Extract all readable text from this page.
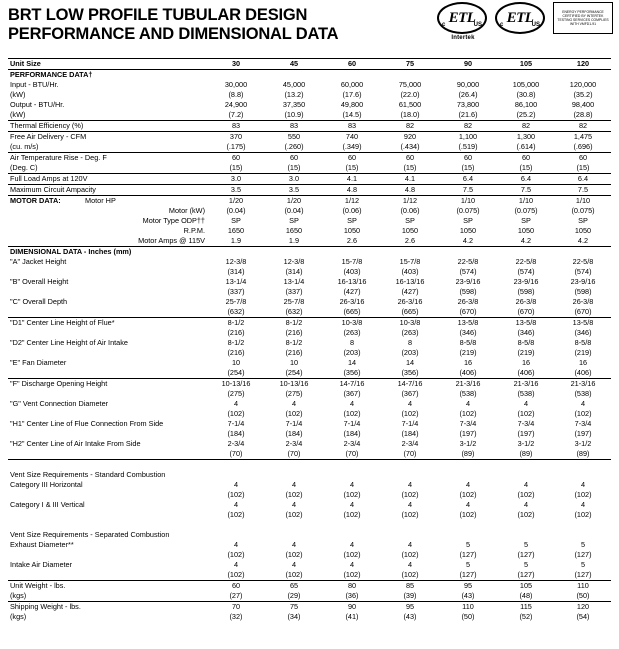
BRT LOW PROFILE TUBULAR DESIGN
PERFORMANCE AND DIMENSIONAL DATA	c ETL
US
Intertek
c ETL
US
ENERGY PERFORMANCE CERTIFIED BY INTERTEK TESTING SERVICES COMPLIES WITH VMFD1-91
Unit Size	30	45	60	75	90	105	120
PERFORMANCE DATA†							
Input - BTU/Hr.	30,000	45,000	60,000	75,000	90,000	105,000	120,000
(kW)	(8.8)	(13.2)	(17.6)	(22.0)	(26.4)	(30.8)	(35.2)
Output - BTU/Hr.	24,900	37,350	49,800	61,500	73,800	86,100	98,400
(kW)	(7.2)	(10.9)	(14.5)	(18.0)	(21.6)	(25.2)	(28.8)
Thermal Efficiency (%)	83	83	83	82	82	82	82
Free Air Delivery - CFM	370	550	740	920	1,100	1,300	1,475
(cu. m/s)	(.175)	(.260)	(.349)	(.434)	(.519)	(.614)	(.696)
Air Temperature Rise - Deg. F	60	60	60	60	60	60	60
(Deg. C)	(15)	(15)	(15)	(15)	(15)	(15)	(15)
Full Load Amps at 120V	3.0	3.0	4.1	4.1	6.4	6.4	6.4
Maximum Circuit Ampacity	3.5	3.5	4.8	4.8	7.5	7.5	7.5
MOTOR DATA:            Motor HP	1/20	1/20	1/12	1/12	1/10	1/10	1/10
Motor (kW)	(0.04)	(0.04)	(0.06)	(0.06)	(0.075)	(0.075)	(0.075)
Motor Type ODP††	SP	SP	SP	SP	SP	SP	SP
R.P.M.	1650	1650	1050	1050	1050	1050	1050
Motor Amps @ 115V	1.9	1.9	2.6	2.6	4.2	4.2	4.2
DIMENSIONAL DATA - Inches (mm)							
"A" Jacket Height	12-3/8	12-3/8	15-7/8	15-7/8	22-5/8	22-5/8	22-5/8
	(314)	(314)	(403)	(403)	(574)	(574)	(574)
"B" Overall Height	13-1/4	13-1/4	16-13/16	16-13/16	23-9/16	23-9/16	23-9/16
	(337)	(337)	(427)	(427)	(598)	(598)	(598)
"C" Overall Depth	25-7/8	25-7/8	26-3/16	26-3/16	26-3/8	26-3/8	26-3/8
	(632)	(632)	(665)	(665)	(670)	(670)	(670)
"D1" Center Line Height of Flue*	8-1/2	8-1/2	10-3/8	10-3/8	13-5/8	13-5/8	13-5/8
	(216)	(216)	(263)	(263)	(346)	(346)	(346)
"D2" Center Line Height of Air Intake	8-1/2	8-1/2	8	8	8-5/8	8-5/8	8-5/8
	(216)	(216)	(203)	(203)	(219)	(219)	(219)
"E" Fan Diameter	10	10	14	14	16	16	16
	(254)	(254)	(356)	(356)	(406)	(406)	(406)
"F" Discharge Opening Height	10-13/16	10-13/16	14-7/16	14-7/16	21-3/16	21-3/16	21-3/16
	(275)	(275)	(367)	(367)	(538)	(538)	(538)
"G" Vent Connection Diameter	4	4	4	4	4	4	4
	(102)	(102)	(102)	(102)	(102)	(102)	(102)
"H1" Center Line of Flue Connection From Side	7-1/4	7-1/4	7-1/4	7-1/4	7-3/4	7-3/4	7-3/4
	(184)	(184)	(184)	(184)	(197)	(197)	(197)
"H2" Center Line of Air Intake From Side	2-3/4	2-3/4	2-3/4	2-3/4	3-1/2	3-1/2	3-1/2
	(70)	(70)	(70)	(70)	(89)	(89)	(89)

Vent Size Requirements - Standard Combustion							
Category III Horizontal	4	4	4	4	4	4	4
	(102)	(102)	(102)	(102)	(102)	(102)	(102)
Category I & III Vertical	4	4	4	4	4	4	4
	(102)	(102)	(102)	(102)	(102)	(102)	(102)

Vent Size Requirements - Separated Combustion							
Exhaust Diameter**	4	4	4	4	5	5	5
	(102)	(102)	(102)	(102)	(127)	(127)	(127)
Intake Air Diameter	4	4	4	4	5	5	5
	(102)	(102)	(102)	(102)	(127)	(127)	(127)
Unit Weight - lbs.	60	65	80	85	95	105	110
(kgs)	(27)	(29)	(36)	(39)	(43)	(48)	(50)
Shipping Weight - lbs.	70	75	90	95	110	115	120
(kgs)	(32)	(34)	(41)	(43)	(50)	(52)	(54)
